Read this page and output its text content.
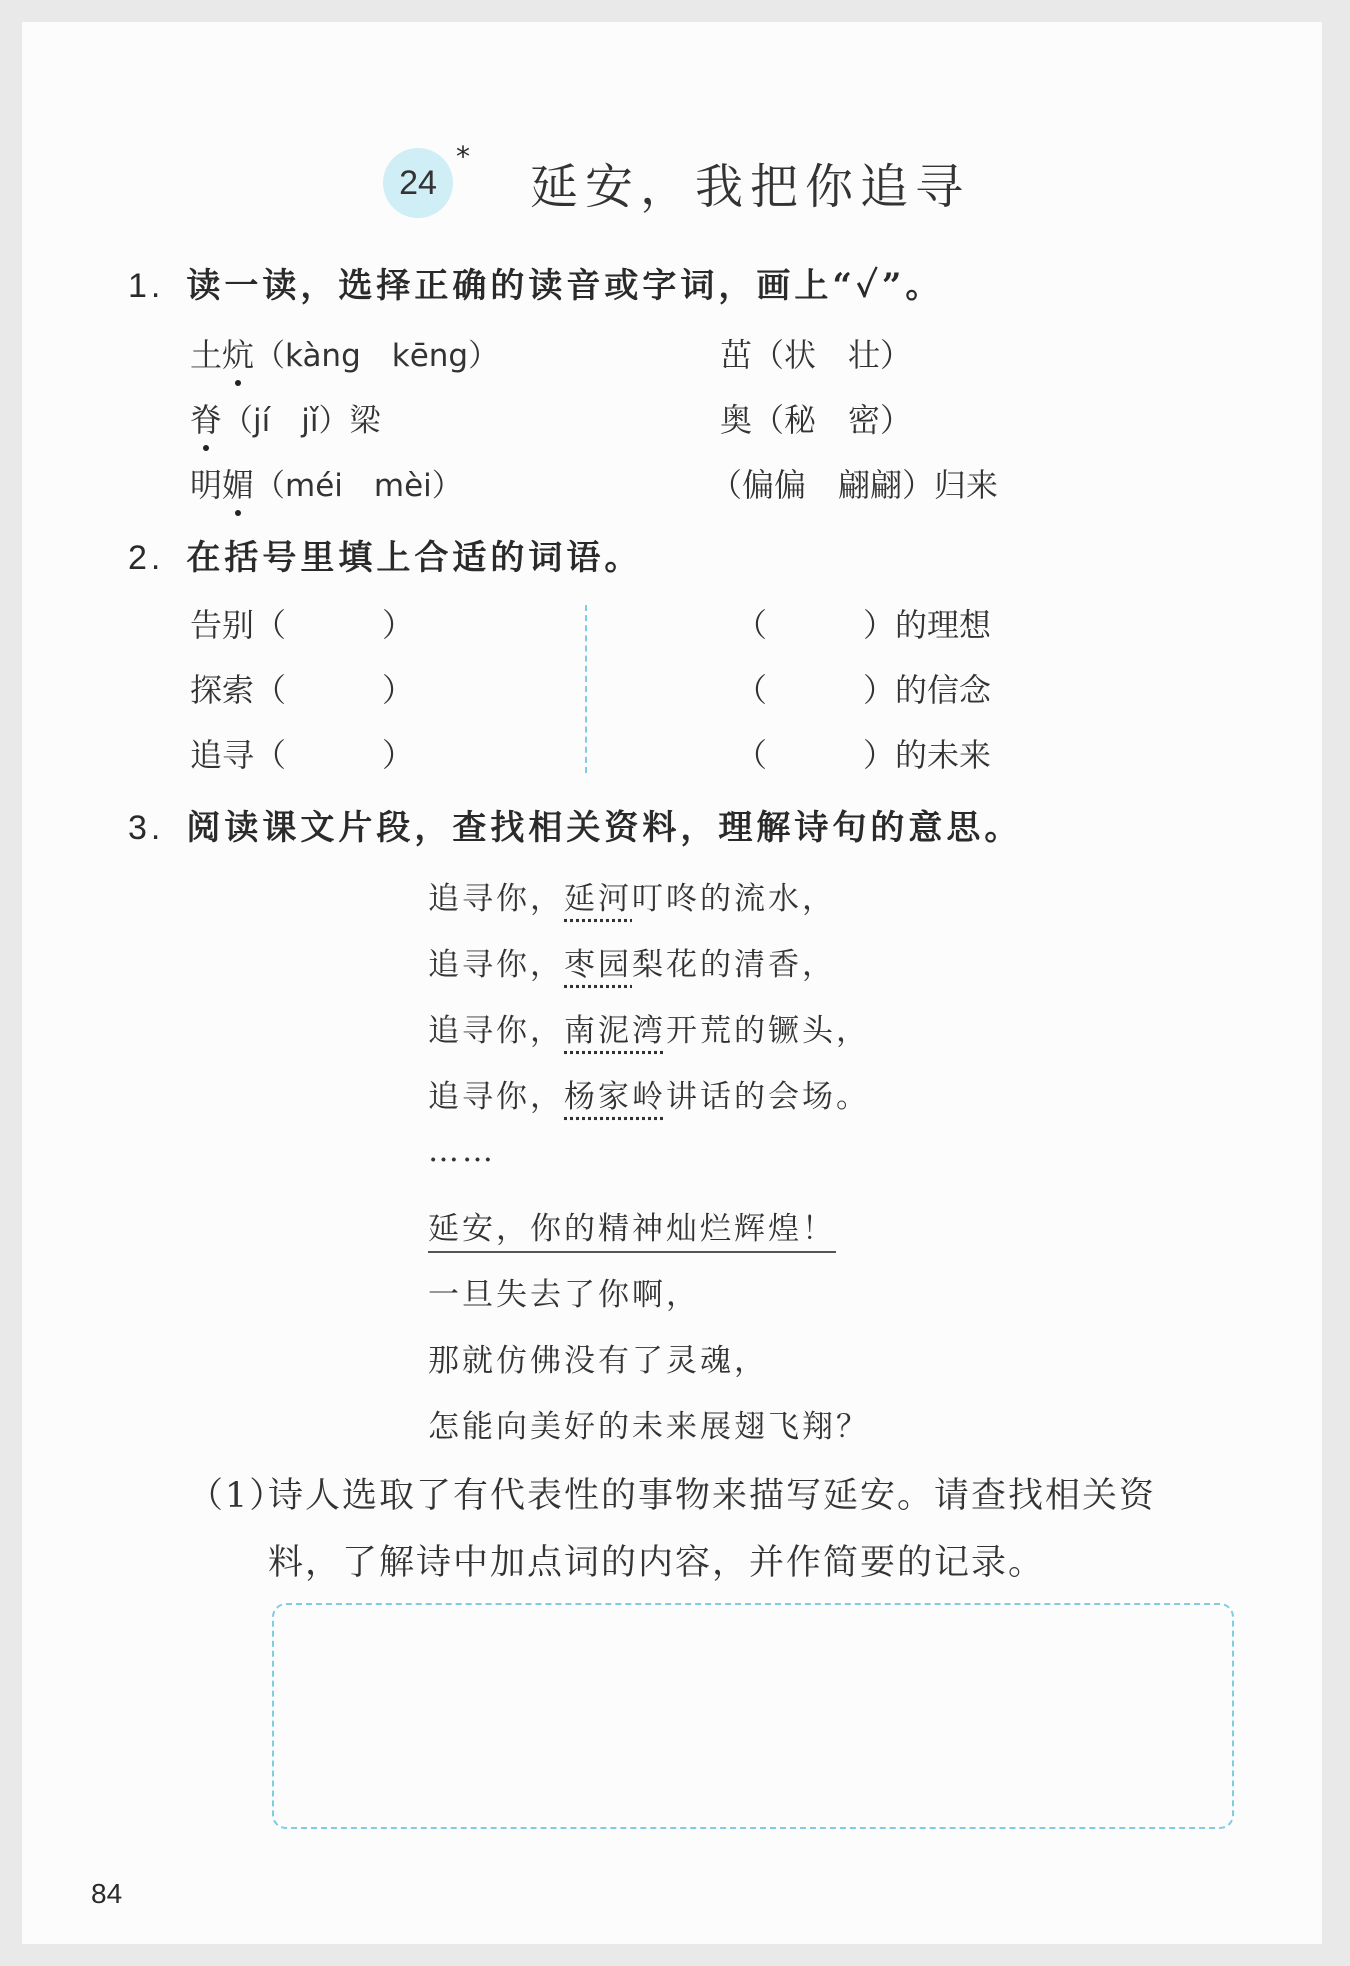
24
*
延安，我把你追寻
1. 读一读，选择正确的读音或字词，画上“✓”。
土炕（kàng　kēng）
脊（jí　jǐ）梁
明媚（méi　mèi）
茁（状　壮）
奥（秘　密）
（偏偏　翩翩）归来
2. 在括号里填上合适的词语。
告别（　　　）
探索（　　　）
追寻（　　　）
（　　　）的理想
（　　　）的信念
（　　　）的未来
3. 阅读课文片段，查找相关资料，理解诗句的意思。
追寻你，延河叮咚的流水，
追寻你，枣园梨花的清香，
追寻你，南泥湾开荒的镢头，
追寻你，杨家岭讲话的会场。
……
延安，你的精神灿烂辉煌！
一旦失去了你啊，
那就仿佛没有了灵魂，
怎能向美好的未来展翅飞翔？
（1）
诗人选取了有代表性的事物来描写延安。请查找相关资
料，了解诗中加点词的内容，并作简要的记录。
84
